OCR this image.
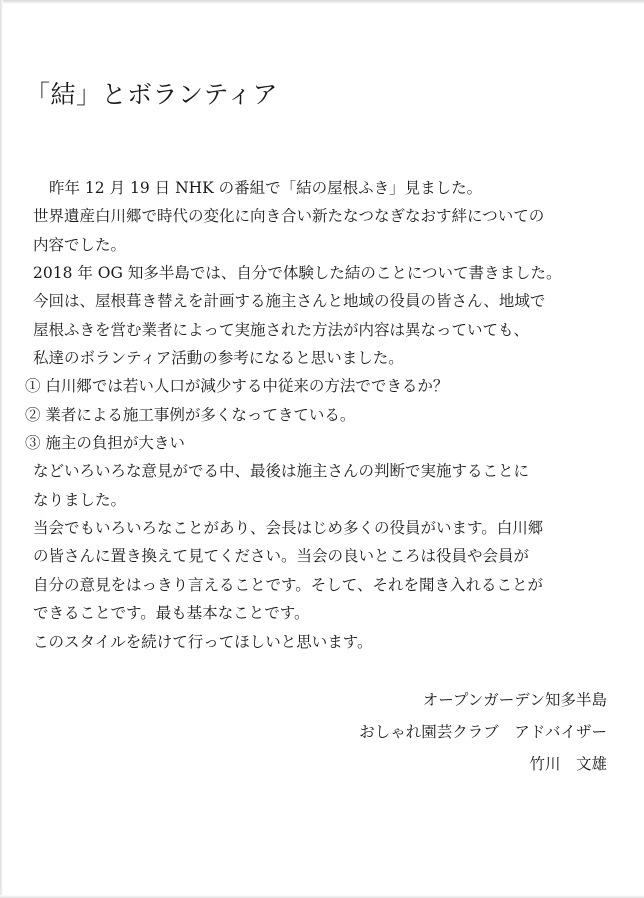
「結」とボランティア
昨年 12 月 19 日 NHK の番組で「結の屋根ふき」見ました。
世界遺産白川郷で時代の変化に向き合い新たなつなぎなおす絆についての
内容でした。
2018 年 OG 知多半島では、自分で体験した結のことについて書きました。
今回は、屋根葺き替えを計画する施主さんと地域の役員の皆さん、地域で
屋根ふきを営む業者によって実施された方法が内容は異なっていても、
私達のボランティア活動の参考になると思いました。
① 白川郷では若い人口が減少する中従来の方法でできるか？
② 業者による施工事例が多くなってきている。
③ 施主の負担が大きい
などいろいろな意見がでる中、最後は施主さんの判断で実施することに
なりました。
当会でもいろいろなことがあり、会長はじめ多くの役員がいます。白川郷
の皆さんに置き換えて見てください。当会の良いところは役員や会員が
自分の意見をはっきり言えることです。そして、それを聞き入れることが
できることです。最も基本なことです。
このスタイルを続けて行ってほしいと思います。
オープンガーデン知多半島
おしゃれ園芸クラブ　アドバイザー
竹川　文雄
